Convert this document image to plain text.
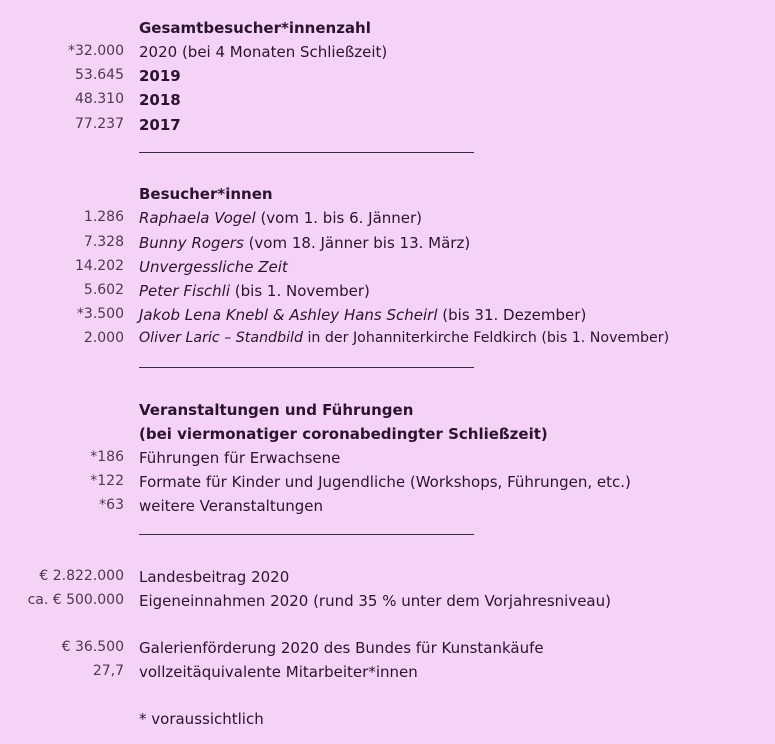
Gesamtbesucher*innenzahl
*32.000 2020 (bei 4 Monaten Schließzeit)
53.645 2019
48.310 2018
77.237 2017
Besucher*innen
1.286 Raphaela Vogel (vom 1. bis 6. Jänner)
7.328 Bunny Rogers (vom 18. Jänner bis 13. März)
14.202 Unvergessliche Zeit
5.602 Peter Fischli (bis 1. November)
*3.500 Jakob Lena Knebl & Ashley Hans Scheirl (bis 31. Dezember)
2.000 Oliver Laric – Standbild in der Johanniterkirche Feldkirch (bis 1. November)
Veranstaltungen und Führungen
(bei viermonatiger coronabedingter Schließzeit)
*186 Führungen für Erwachsene
*122 Formate für Kinder und Jugendliche (Workshops, Führungen, etc.)
*63 weitere Veranstaltungen
€ 2.822.000 Landesbeitrag 2020
ca. € 500.000 Eigeneinnahmen 2020 (rund 35 % unter dem Vorjahresniveau)
€ 36.500 Galerienförderung 2020 des Bundes für Kunstankäufe
27,7 vollzeitäquivalente Mitarbeiter*innen
* voraussichtlich
